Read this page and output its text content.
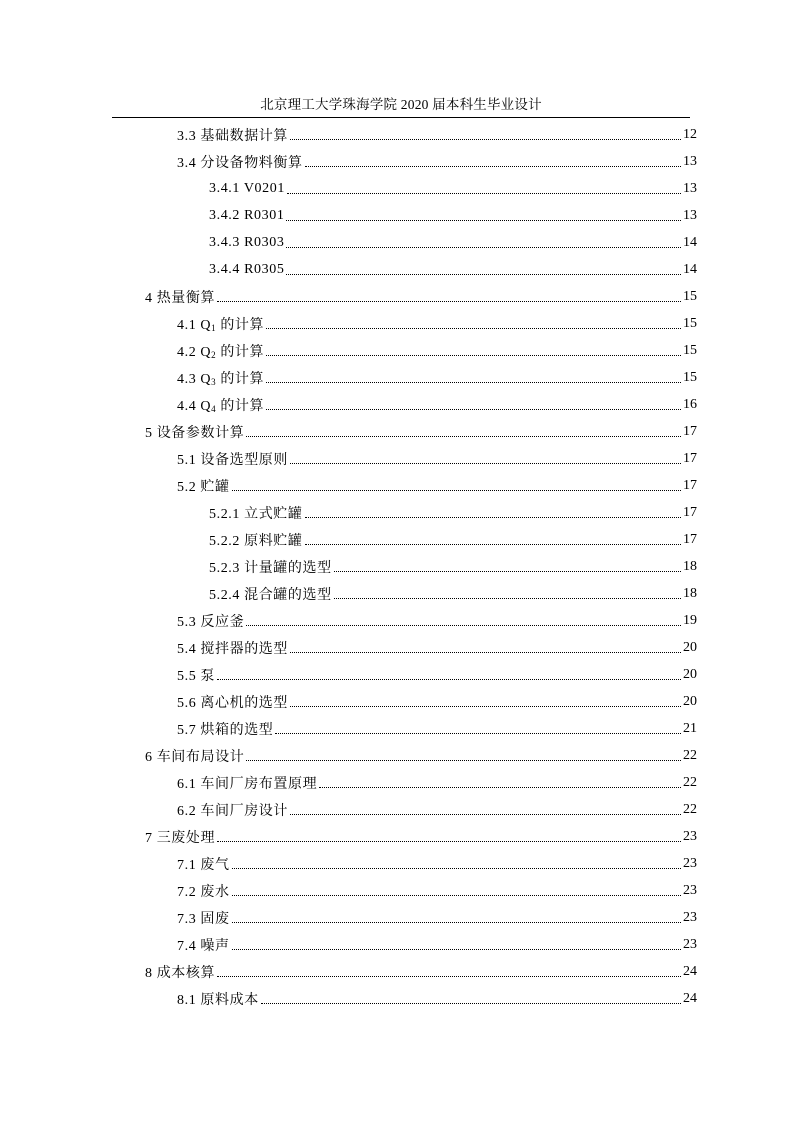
北京理工大学珠海学院 2020 届本科生毕业设计
3.3 基础数据计算	12
3.4 分设备物料衡算	13
3.4.1 V0201	13
3.4.2 R0301	13
3.4.3 R0303	14
3.4.4 R0305	14
4 热量衡算	15
4.1 $Q_1$ 的计算	15
4.2 $Q_2$ 的计算	15
4.3 $Q_3$ 的计算	15
4.4 $Q_4$ 的计算	16
5 设备参数计算	17
5.1 设备选型原则	17
5.2 贮罐	17
5.2.1 立式贮罐	17
5.2.2 原料贮罐	17
5.2.3 计量罐的选型	18
5.2.4 混合罐的选型	18
5.3 反应釜	19
5.4 搅拌器的选型	20
5.5 泵	20
5.6 离心机的选型	20
5.7 烘箱的选型	21
6 车间布局设计	22
6.1 车间厂房布置原理	22
6.2 车间厂房设计	22
7 三废处理	23
7.1 废气	23
7.2 废水	23
7.3 固废	23
7.4 噪声	23
8 成本核算	24
8.1 原料成本	24
